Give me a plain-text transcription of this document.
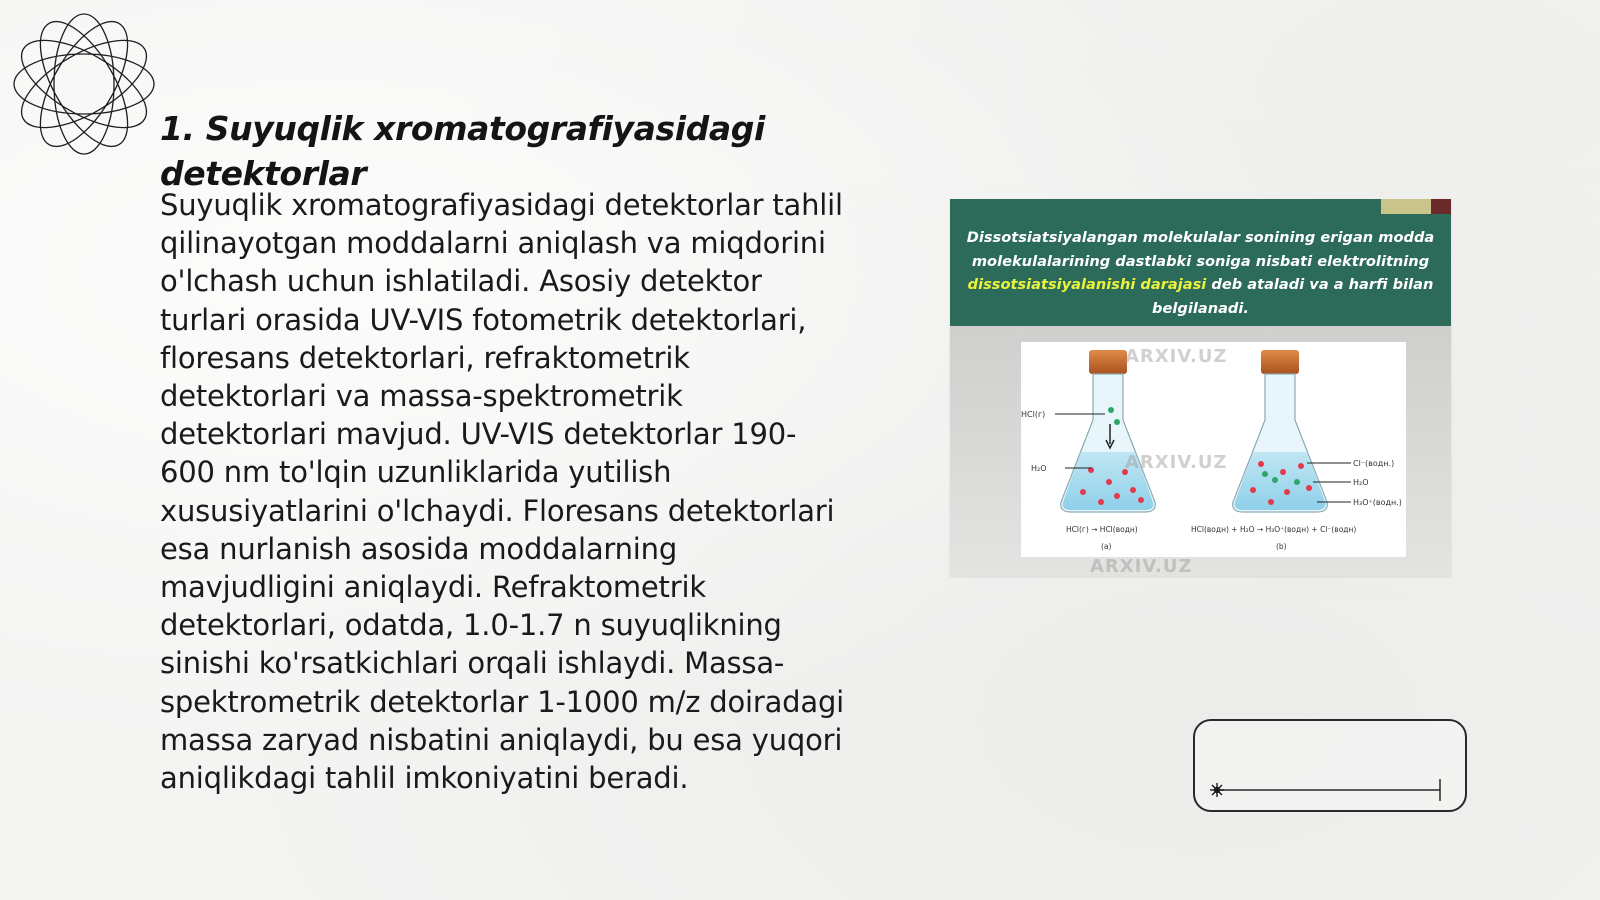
1. Suyuqlik xromatografiyasidagi detektorlar

Suyuqlik xromatografiyasidagi detektorlar tahlil qilinayotgan moddalarni aniqlash va miqdorini o'lchash uchun ishlatiladi. Asosiy detektor turlari orasida UV-VIS fotometrik detektorlari, floresans detektorlari, refraktometrik detektorlari va massa-spektrometrik detektorlari mavjud. UV-VIS detektorlar 190-600 nm to'lqin uzunliklarida yutilish xususiyatlarini o'lchaydi. Floresans detektorlari esa nurlanish asosida moddalarning mavjudligini aniqlaydi. Refraktometrik detektorlari, odatda, 1.0-1.7 n suyuqlikning sinishi ko'rsatkichlari orqali ishlaydi. Massa-spektrometrik detektorlar 1-1000 m/z doiradagi massa zaryad nisbatini aniqlaydi, bu esa yuqori aniqlikdagi tahlil imkoniyatini beradi.

Dissotsiatsiyalangan molekulalar sonining erigan modda molekulalarining dastlabki soniga nisbati elektrolitning dissotsiatsiyalanishi darajasi deb ataladi va a harfi bilan belgilanadi.

HCl(г)
H₂O
Cl⁻(водн.)
H₂O
H₃O⁺(водн.)
HCl(г) → HCl(водн)	HCl(водн) + H₂O → H₃O⁺(водн) + Cl⁻(водн)
(a)	(b)
ARXIV.UZ
ARXIV.UZ
ARXIV.UZ
